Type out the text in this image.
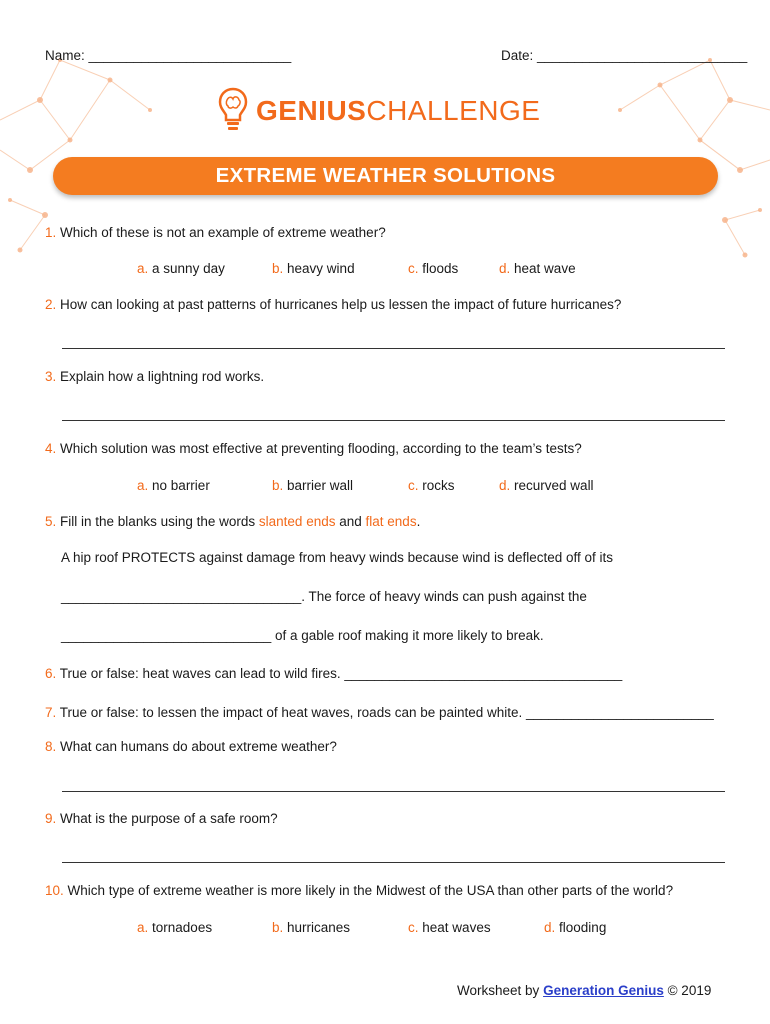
Name: ___________________________	Date: ____________________________
GENIUSCHALLENGE
EXTREME WEATHER SOLUTIONS
1. Which of these is not an example of extreme weather?
a. a sunny day	b. heavy wind	c. floods	d. heat wave
2. How can looking at past patterns of hurricanes help us lessen the impact of future hurricanes?
3. Explain how a lightning rod works.
4. Which solution was most effective at preventing flooding, according to the team’s tests?
a. no barrier	b. barrier wall	c. rocks	d. recurved wall
5. Fill in the blanks using the words slanted ends and flat ends.
A hip roof PROTECTS against damage from heavy winds because wind is deflected off of its
________________________________. The force of heavy winds can push against the
____________________________ of a gable roof making it more likely to break.
6. True or false: heat waves can lead to wild fires. _____________________________________
7. True or false: to lessen the impact of heat waves, roads can be painted white. _________________________
8. What can humans do about extreme weather?
9. What is the purpose of a safe room?
10. Which type of extreme weather is more likely in the Midwest of the USA than other parts of the world?
a. tornadoes	b. hurricanes	c. heat waves	d. flooding
Worksheet by Generation Genius © 2019
